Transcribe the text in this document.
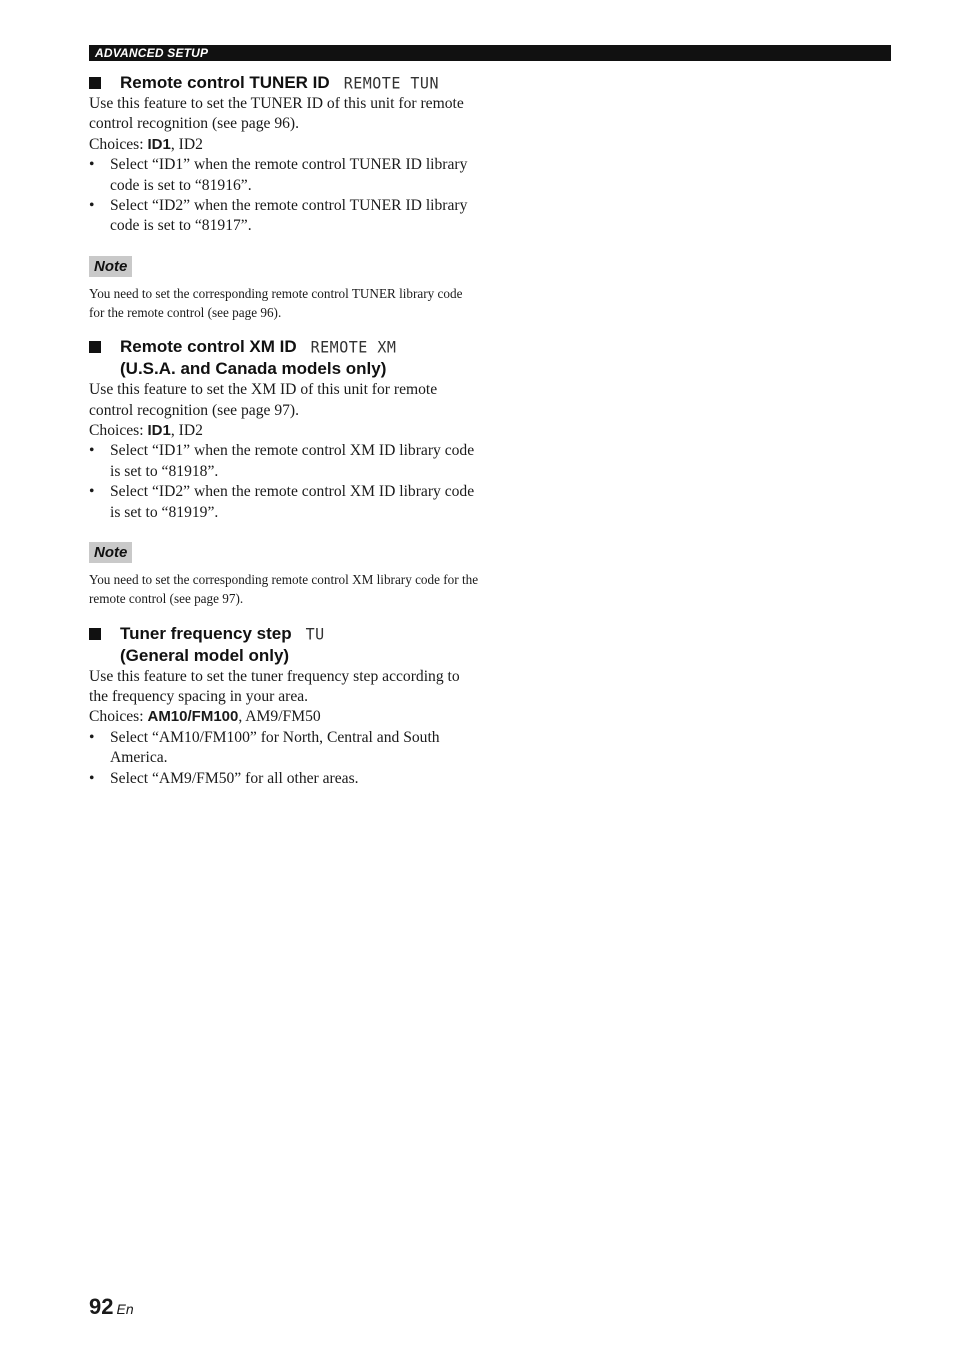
ADVANCED SETUP
Remote control TUNER ID REMOTE TUN

Use this feature to set the TUNER ID of this unit for remote control recognition (see page 96).

Choices: ID1, ID2

• Select “ID1” when the remote control TUNER ID library code is set to “81916”.
• Select “ID2” when the remote control TUNER ID library code is set to “81917”.
Note

You need to set the corresponding remote control TUNER library code for the remote control (see page 96).

Remote control XM ID REMOTE XM
(U.S.A. and Canada models only)

Use this feature to set the XM ID of this unit for remote control recognition (see page 97).

Choices: ID1, ID2

• Select “ID1” when the remote control XM ID library code is set to “81918”.
• Select “ID2” when the remote control XM ID library code is set to “81919”.
Note

You need to set the corresponding remote control XM library code for the remote control (see page 97).

Tuner frequency step TU
(General model only)

Use this feature to set the tuner frequency step according to the frequency spacing in your area.

Choices: AM10/FM100, AM9/FM50

• Select “AM10/FM100” for North, Central and South America.
• Select “AM9/FM50” for all other areas.
92 En
